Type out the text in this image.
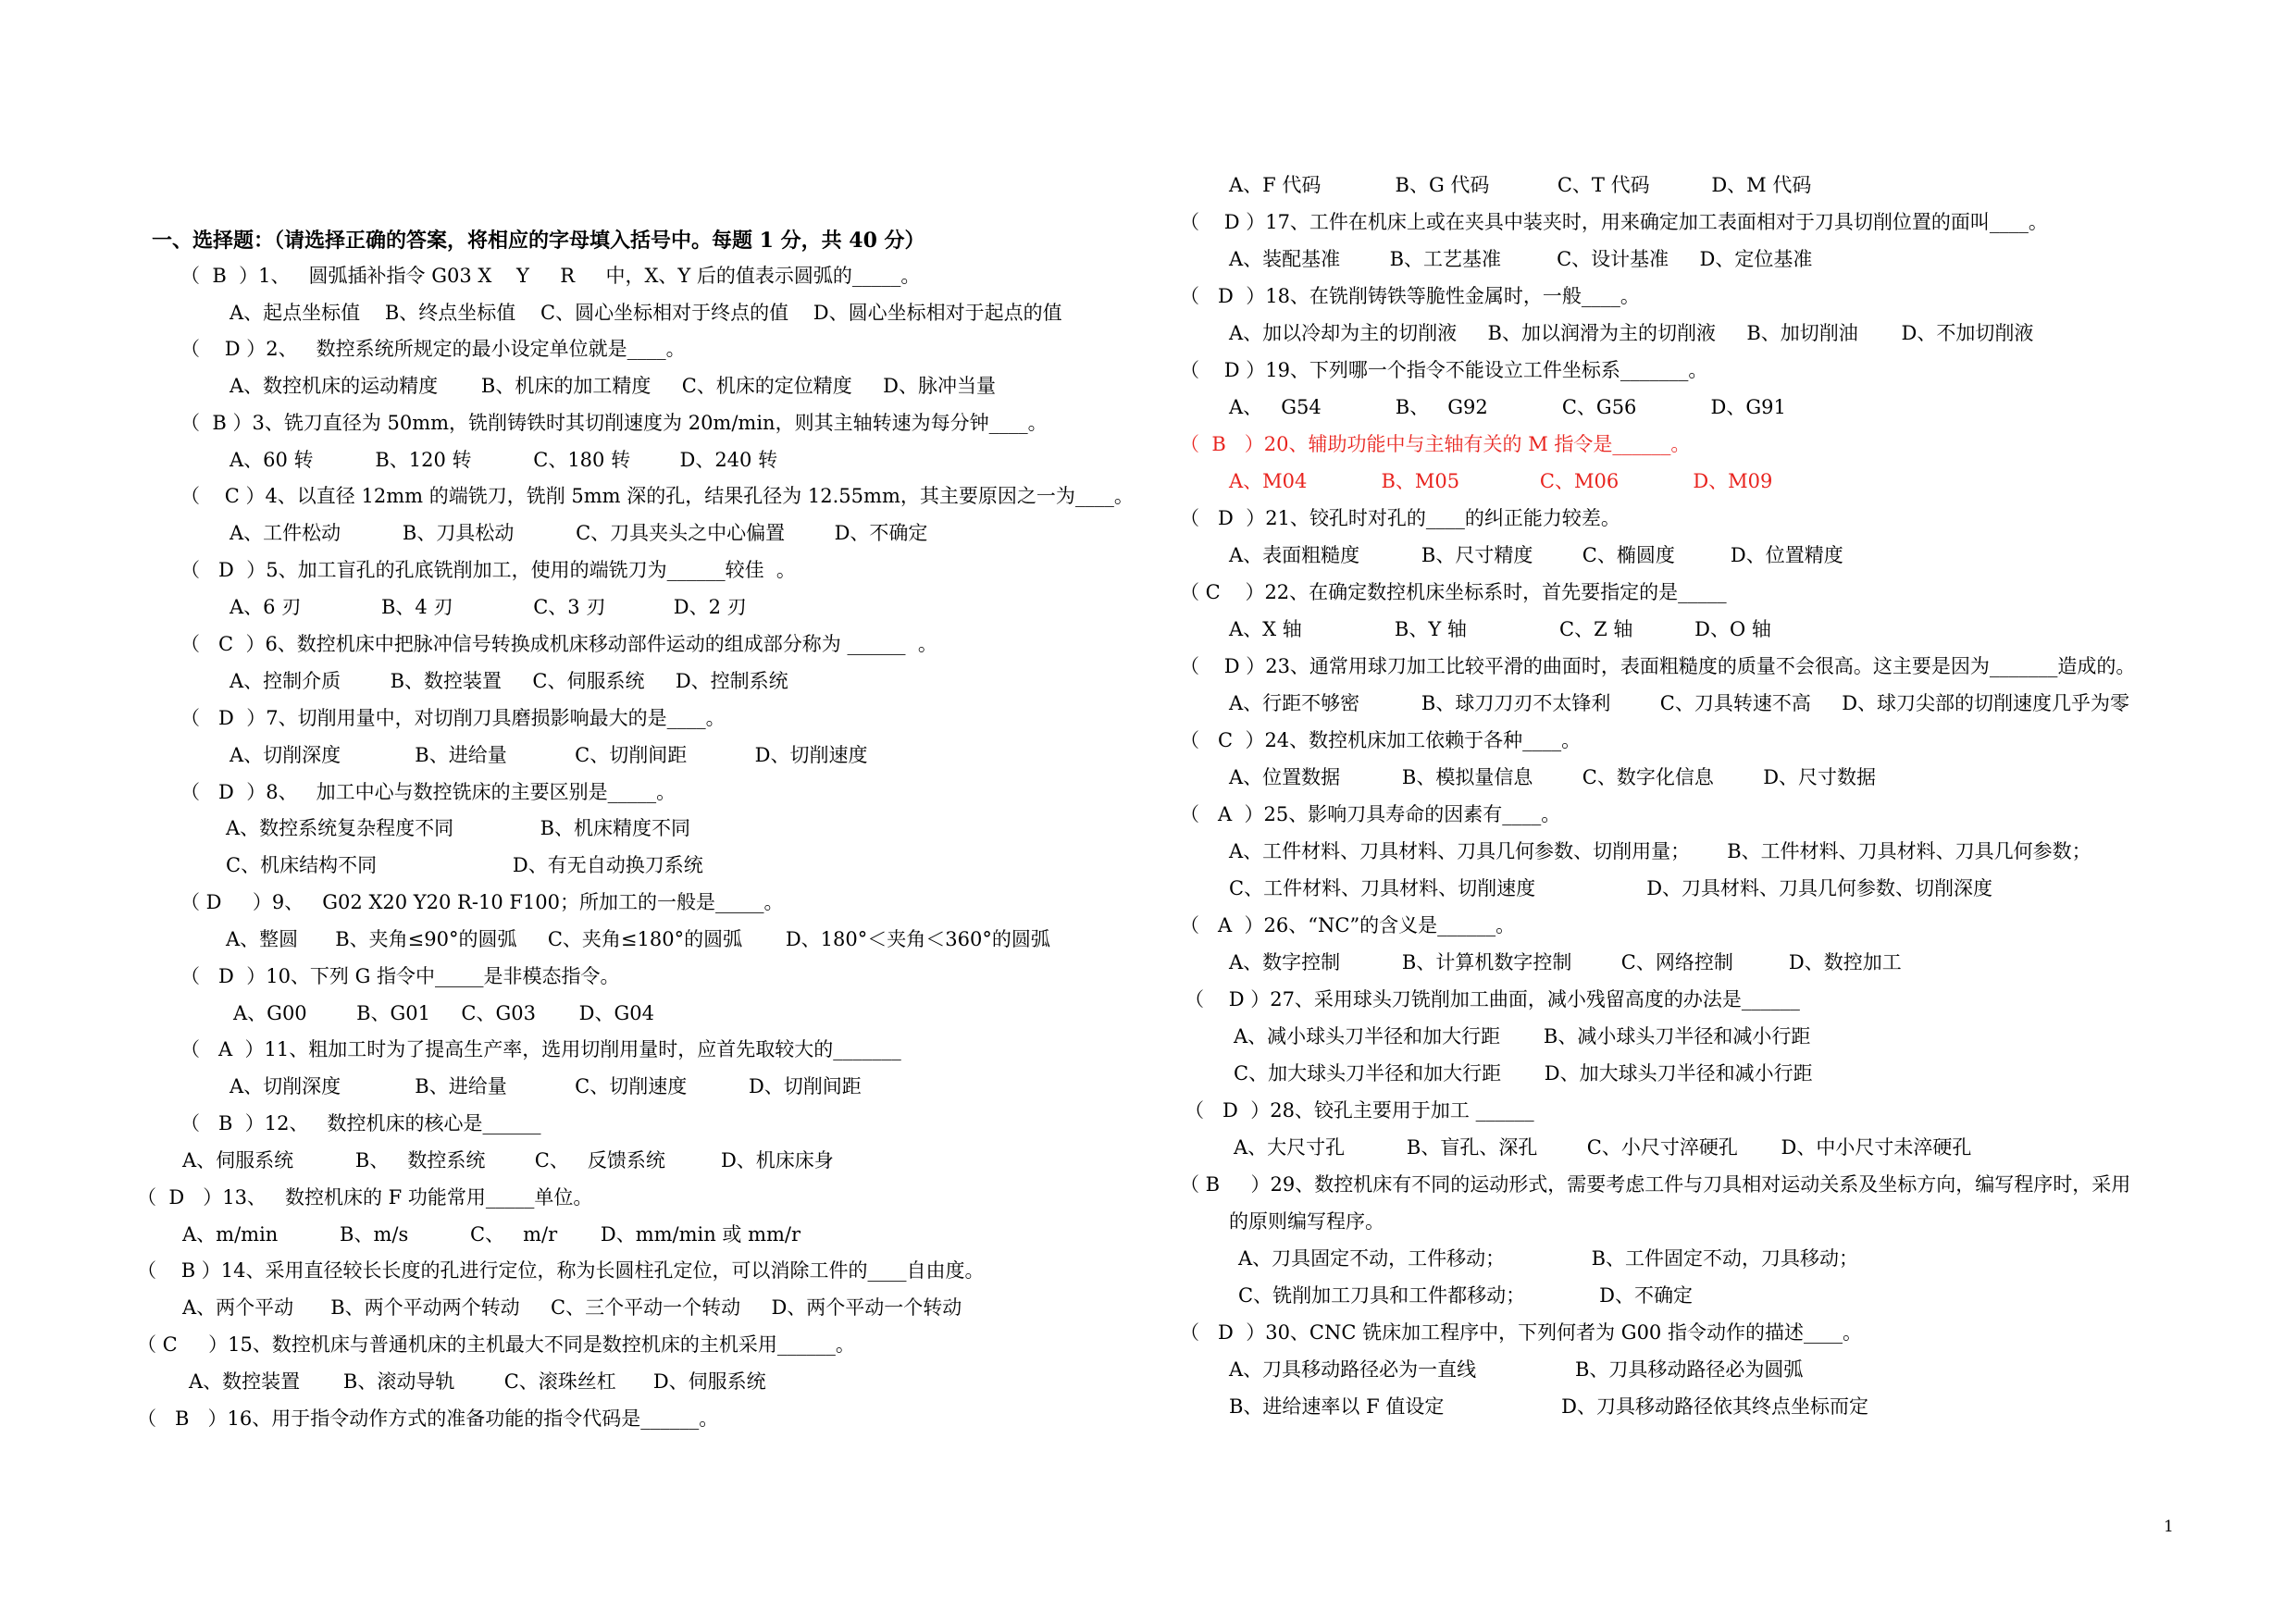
一、选择题：（请选择正确的答案，将相应的字母填入括号中。每题 1 分，共 40 分）
（  B  ）1、   圆弧插补指令 G03 X    Y     R     中，X、Y 后的值表示圆弧的_____。
A、起点坐标值    B、终点坐标值    C、圆心坐标相对于终点的值    D、圆心坐标相对于起点的值
（    D ）2、   数控系统所规定的最小设定单位就是____。
A、数控机床的运动精度       B、机床的加工精度     C、机床的定位精度     D、脉冲当量
（  B ）3、铣刀直径为 50mm，铣削铸铁时其切削速度为 20m/min，则其主轴转速为每分钟____。
A、60 转          B、120 转          C、180 转        D、240 转
（    C ）4、以直径 12mm 的端铣刀，铣削 5mm 深的孔，结果孔径为 12.55mm，其主要原因之一为____。
A、工件松动          B、刀具松动          C、刀具夹头之中心偏置        D、不确定
（   D  ）5、加工盲孔的孔底铣削加工，使用的端铣刀为______较佳  。
A、6 刃             B、4 刃             C、3 刃           D、2 刃
（   C  ）6、数控机床中把脉冲信号转换成机床移动部件运动的组成部分称为 ______  。
A、控制介质        B、数控装置     C、伺服系统     D、控制系统
（   D  ）7、切削用量中，对切削刀具磨损影响最大的是____。
A、切削深度            B、进给量           C、切削间距           D、切削速度
（   D  ）8、   加工中心与数控铣床的主要区别是_____。
A、数控系统复杂程度不同              B、机床精度不同
C、机床结构不同                      D、有无自动换刀系统
（ D     ）9、   G02 X20 Y20 R-10 F100；所加工的一般是_____。
A、整圆      B、夹角≤90°的圆弧     C、夹角≤180°的圆弧       D、180°＜夹角＜360°的圆弧
（   D  ）10、下列 G 指令中_____是非模态指令。
A、G00        B、G01     C、G03       D、G04
（   A  ）11、粗加工时为了提高生产率，选用切削用量时，应首先取较大的_______
A、切削深度            B、进给量           C、切削速度          D、切削间距
（   B  ）12、   数控机床的核心是______
A、伺服系统          B、   数控系统        C、   反馈系统         D、机床床身
（  D   ）13、   数控机床的 F 功能常用_____单位。
A、m/min          B、m/s          C、   m/r       D、mm/min 或 mm/r
（    B ）14、采用直径较长长度的孔进行定位，称为长圆柱孔定位，可以消除工件的____自由度。
A、两个平动      B、两个平动两个转动     C、三个平动一个转动     D、两个平动一个转动
（ C     ）15、数控机床与普通机床的主机最大不同是数控机床的主机采用______。
A、数控装置       B、滚动导轨        C、滚珠丝杠      D、伺服系统
（   B   ）16、用于指令动作方式的准备功能的指令代码是______。
A、F 代码            B、G 代码           C、T 代码          D、M 代码
（    D ）17、工件在机床上或在夹具中装夹时，用来确定加工表面相对于刀具切削位置的面叫____。
A、装配基准        B、工艺基准         C、设计基准     D、定位基准
（   D  ）18、在铣削铸铁等脆性金属时，一般____。
A、加以冷却为主的切削液     B、加以润滑为主的切削液     B、加切削油       D、不加切削液
（    D ）19、下列哪一个指令不能设立工件坐标系_______。
A、   G54            B、   G92            C、G56            D、G91
（  B   ）20、辅助功能中与主轴有关的 M 指令是______。
A、M04            B、M05             C、M06            D、M09
（   D  ）21、铰孔时对孔的____的纠正能力较差。
A、表面粗糙度          B、尺寸精度        C、椭圆度         D、位置精度
（ C    ）22、在确定数控机床坐标系时，首先要指定的是_____
A、X 轴               B、Y 轴               C、Z 轴          D、O 轴
（    D ）23、通常用球刀加工比较平滑的曲面时，表面粗糙度的质量不会很高。这主要是因为_______造成的。
A、行距不够密          B、球刀刀刃不太锋利        C、刀具转速不高     D、球刀尖部的切削速度几乎为零
（   C  ）24、数控机床加工依赖于各种____。
A、位置数据          B、模拟量信息        C、数字化信息        D、尺寸数据
（   A  ）25、影响刀具寿命的因素有____。
A、工件材料、刀具材料、刀具几何参数、切削用量；      B、工件材料、刀具材料、刀具几何参数；
C、工件材料、刀具材料、切削速度                  D、刀具材料、刀具几何参数、切削深度
（   A  ）26、“NC”的含义是______。
A、数字控制          B、计算机数字控制        C、网络控制         D、数控加工
（    D ）27、采用球头刀铣削加工曲面，减小残留高度的办法是______
A、减小球头刀半径和加大行距       B、减小球头刀半径和减小行距
C、加大球头刀半径和加大行距       D、加大球头刀半径和减小行距
（   D  ）28、铰孔主要用于加工 ______
A、大尺寸孔          B、盲孔、深孔        C、小尺寸淬硬孔       D、中小尺寸未淬硬孔
（ B     ）29、数控机床有不同的运动形式，需要考虑工件与刀具相对运动关系及坐标方向，编写程序时，采用
的原则编写程序。
A、刀具固定不动，工件移动；              B、工件固定不动，刀具移动；
C、铣削加工刀具和工件都移动；            D、不确定
（   D  ）30、CNC 铣床加工程序中，下列何者为 G00 指令动作的描述____。
A、刀具移动路径必为一直线                B、刀具移动路径必为圆弧
B、进给速率以 F 值设定                   D、刀具移动路径依其终点坐标而定
1
